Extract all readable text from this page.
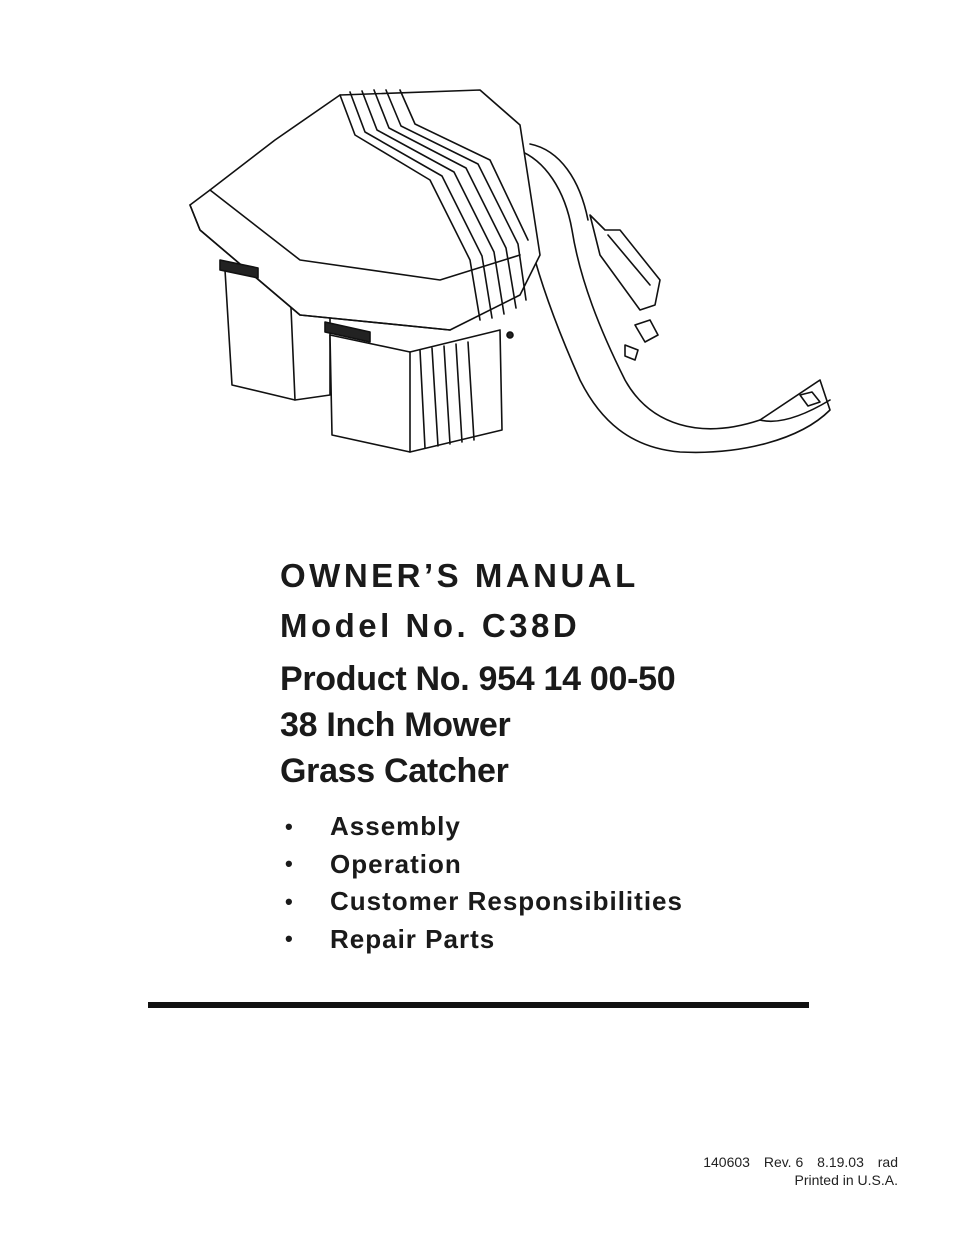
OWNER’S MANUAL

Model No. C38D

Product No. 954 14 00-50

38 Inch Mower

Grass Catcher

•	Assembly
•	Operation
•	Customer Responsibilities
•	Repair Parts
140603 Rev. 6 8.19.03 rad
Printed in U.S.A.
